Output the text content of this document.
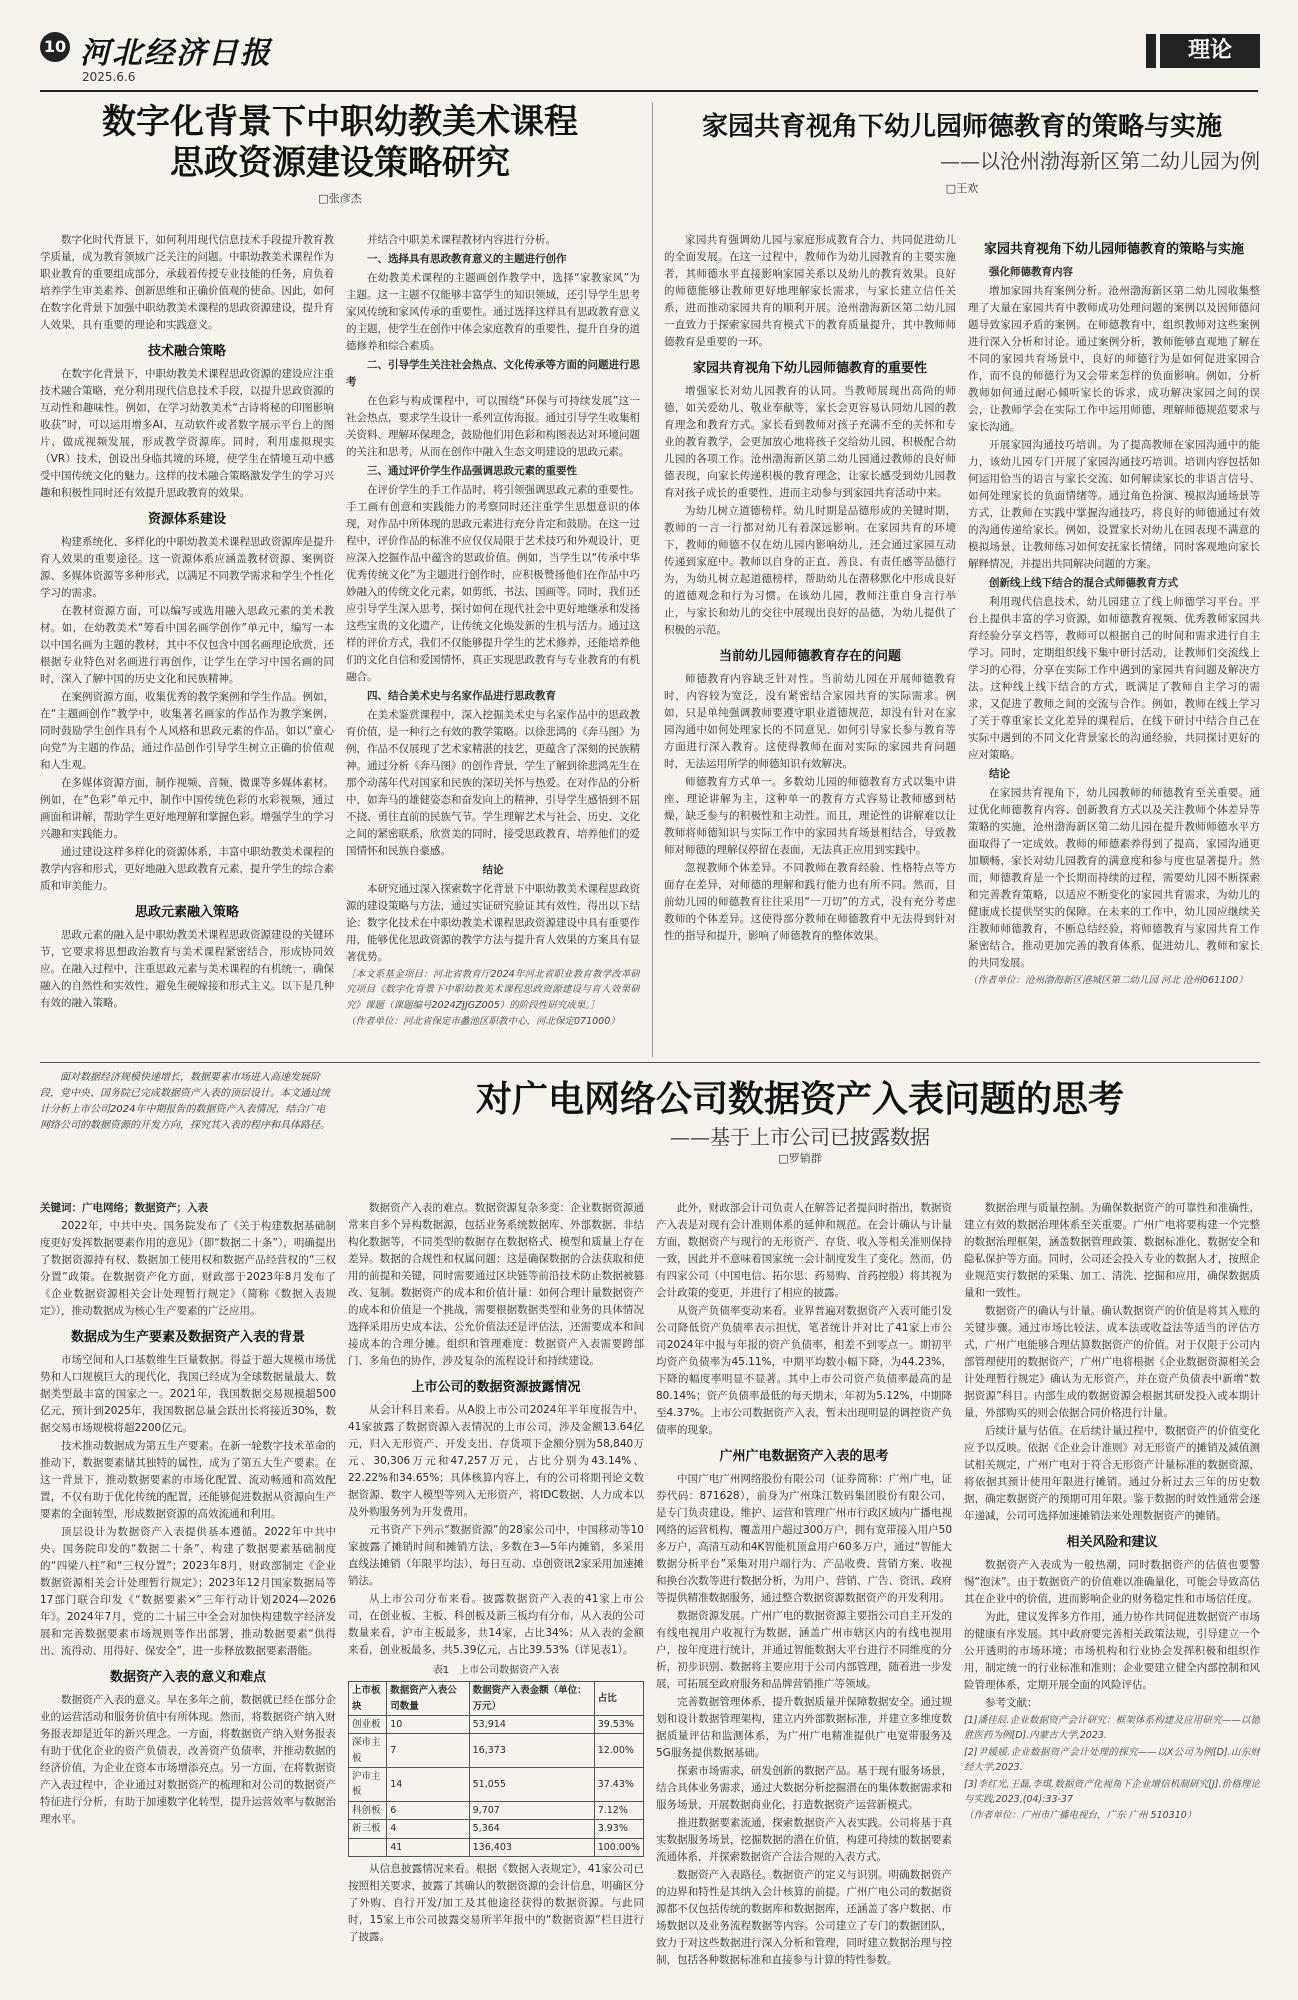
10 河北经济日报
2025.6.6
理论
数字化背景下中职幼教美术课程
思政资源建设策略研究
□张彦杰

数字化时代背景下，如何利用现代信息技术手段提升教育教学质量，成为教育领域广泛关注的问题。中职幼教美术课程作为职业教育的重要组成部分，承载着传授专业技能的任务，肩负着培养学生审美素养、创新思维和正确价值观的使命。因此，如何在数字化背景下加强中职幼教美术课程的思政资源建设，提升育人效果，具有重要的理论和实践意义。

技术融合策略

在数字化背景下，中职幼教美术课程思政资源的建设应注重技术融合策略，充分利用现代信息技术手段，以提升思政资源的互动性和趣味性。例如，在学习幼教美术“古诗将秘的印图影响收获”时，可以运用增多AI、互动软件或者数字展示平台上的图片，做成视频发展，形成教学资源库。同时，利用虚拟现实（VR）技术，创设出身临其境的环境，使学生在情境互动中感受中国传统文化的魅力。这样的技术融合策略激发学生的学习兴趣和积极性同时还有效提升思政教育的效果。

资源体系建设

构建系统化、多样化的中职幼教美术课程思政资源库是提升育人效果的重要途径。这一资源体系应涵盖教材资源、案例资源、多媒体资源等多种形式，以满足不同教学需求和学生个性化学习的需求。

在教材资源方面，可以编写或选用融入思政元素的美术教材。如，在幼教美术“筹看中国名画学创作”单元中，编写一本以中国名画为主题的教材，其中不仅包含中国名画理论欣赏，还根据专业特色对名画进行再创作，让学生在学习中国名画的同时，深入了解中国的历史文化和民族精神。

在案例资源方面，收集优秀的教学案例和学生作品。例如，在“主题画创作”教学中，收集著名画家的作品作为教学案例，同时鼓励学生创作具有个人风格和思政元素的作品，如以“童心向党”为主题的作品，通过作品创作引导学生树立正确的价值观和人生观。

在多媒体资源方面，制作视频、音频、微课等多媒体素材。例如，在“色彩”单元中，制作中国传统色彩的水彩视频，通过画面和讲解，帮助学生更好地理解和掌握色彩。增强学生的学习兴趣和实践能力。

通过建设这样多样化的资源体系，丰富中职幼教美术课程的教学内容和形式，更好地融入思政教育元素，提升学生的综合素质和审美能力。

思政元素融入策略

思政元素的融入是中职幼教美术课程思政资源建设的关键环节，它要求将思想政治教育与美术课程紧密结合，形成协同效应。在融入过程中，注重思政元素与美术课程的有机统一，确保融入的自然性和实效性，避免生硬嫁接和形式主义。以下是几种有效的融入策略。

并结合中职美术课程教材内容进行分析。

一、选择具有思政教育意义的主题进行创作

在幼教美术课程的主题画创作教学中，选择“家教家风”为主题。这一主题不仅能够丰富学生的知识领域，还引导学生思考家风传统和家风传承的重要性。通过选择这样具有思政教育意义的主题，使学生在创作中体会家庭教育的重要性，提升自身的道德修养和综合素质。

二、引导学生关注社会热点、文化传承等方面的问题进行思考

在色彩与构成课程中，可以围绕“环保与可持续发展”这一社会热点，要求学生设计一系列宣传海报。通过引导学生收集相关资料、理解环保理念，鼓励他们用色彩和构图表达对环境问题的关注和思考，从而在创作中融入生态文明建设的思政元素。

三、通过评价学生作品强调思政元素的重要性

在评价学生的手工作品时，将引领强调思政元素的重要性。手工画有创意和实践能力的考察同时还注重学生思想意识的体现，对作品中所体现的思政元素进行充分肯定和鼓励。在这一过程中，评价作品的标准不应仅仅局限于艺术技巧和外观设计，更应深入挖掘作品中蕴含的思政价值。例如，当学生以“传承中华优秀传统文化”为主题进行创作时，应积极赞扬他们在作品中巧妙融入的传统文化元素，如剪纸、书法、国画等。同时，我们还应引导学生深入思考，探讨如何在现代社会中更好地继承和发扬这些宝贵的文化遗产，让传统文化焕发新的生机与活力。通过这样的评价方式，我们不仅能够提升学生的艺术修养，还能培养他们的文化自信和爱国情怀，真正实现思政教育与专业教育的有机融合。

四、结合美术史与名家作品进行思政教育

在美术鉴赏课程中，深入挖掘美术史与名家作品中的思政教育价值，是一种行之有效的教学策略。以徐悲鸿的《奔马图》为例，作品不仅展现了艺术家精湛的技艺，更蕴含了深刻的民族精神。通过分析《奔马图》的创作背景，学生了解到徐悲鸿先生在那个动荡年代对国家和民族的深切关怀与热爱。在对作品的分析中，如奔马的雄健姿态和奋发向上的精神，引导学生感悟到不屈不挠、勇往直前的民族气节。学生理解艺术与社会、历史、文化之间的紧密联系，欣赏美的同时，接受思政教育，培养他们的爱国情怀和民族自豪感。

结论

本研究通过深入探索数字化背景下中职幼教美术课程思政资源的建设策略与方法，通过实证研究验证其有效性，得出以下结论：数字化技术在中职幼教美术课程思政资源建设中具有重要作用，能够优化思政资源的教学方法与提升育人效果的方案具有显著优势。

［本文系基金项目：河北省教育厅2024年河北省职业教育教学改革研究项目《数字化背景下中职幼教美术课程思政资源建设与育人效果研究》课题（课题编号2024ZJJGZ005）的阶段性研究成果。］

（作者单位：河北省保定市蠡池区职教中心，河北保定071000）

家园共育视角下幼儿园师德教育的策略与实施
——以沧州渤海新区第二幼儿园为例
□王欢

家园共育强调幼儿园与家庭形成教育合力，共同促进幼儿的全面发展。在这一过程中，教师作为幼儿园教育的主要实施者，其师德水平直接影响家园关系以及幼儿的教育效果。良好的师德能够让教师更好地理解家长需求，与家长建立信任关系，进而推动家园共育的顺利开展。沧州渤海新区第二幼儿园一直致力于探索家园共育模式下的教育质量提升，其中教师师德教育是重要的一环。

家园共育视角下幼儿园师德教育的重要性

增强家长对幼儿园教育的认同。当教师展现出高尚的师德，如关爱幼儿、敬业奉献等，家长会更容易认同幼儿园的教育理念和教育方式。家长看到教师对孩子充满不至的关怀和专业的教育教学，会更加放心地将孩子交给幼儿园，积极配合幼儿园的各项工作。沧州渤海新区第二幼儿园通过教师的良好师德表现，向家长传递积极的教育理念，让家长感受到幼儿园教育对孩子成长的重要性，进而主动参与到家园共育活动中来。

为幼儿树立道德榜样。幼儿时期是品德形成的关键时期，教师的一言一行都对幼儿有着深远影响。在家园共育的环境下，教师的师德不仅在幼儿园内影响幼儿，还会通过家园互动传递到家庭中。教师以自身的正直、善良、有责任感等品德行为，为幼儿树立起道德榜样，帮助幼儿在潜移默化中形成良好的道德观念和行为习惯。在该幼儿园，教师注重自身言行举止，与家长和幼儿的交往中展现出良好的品德，为幼儿提供了积极的示范。

当前幼儿园师德教育存在的问题

师德教育内容缺乏针对性。当前幼儿园在开展师德教育时，内容较为宽泛，没有紧密结合家园共育的实际需求。例如，只是单纯强调教师要遵守职业道德规范，却没有针对在家园沟通中如何处理家长的不同意见、如何引导家长参与教育等方面进行深入教育。这使得教师在面对实际的家园共育问题时，无法运用所学的师德知识有效解决。

师德教育方式单一。多数幼儿园的师德教育方式以集中讲座、理论讲解为主，这种单一的教育方式容易让教师感到枯燥，缺乏参与的积极性和主动性。而且，理论性的讲解难以让教师将师德知识与实际工作中的家园共育场景相结合，导致教师对师德的理解仅停留在表面，无法真正应用到实践中。

忽视教师个体差异。不同教师在教育经验、性格特点等方面存在差异，对师德的理解和践行能力也有所不同。然而，目前幼儿园的师德教育往往采用“一刀切”的方式，没有充分考虑教师的个体差异。这使得部分教师在师德教育中无法得到针对性的指导和提升，影响了师德教育的整体效果。

家园共育视角下幼儿园师德教育的策略与实施
强化师德教育内容

增加家园共育案例分析。沧州渤海新区第二幼儿园收集整理了大量在家园共育中教师成功处理问题的案例以及因师德问题导致家园矛盾的案例。在师德教育中，组织教师对这些案例进行深入分析和讨论。通过案例分析，教师能够直观地了解在不同的家园共育场景中，良好的师德行为是如何促进家园合作，而不良的师德行为又会带来怎样的负面影响。例如，分析教师如何通过耐心倾听家长的诉求，成功解决家园之间的误会，让教师学会在实际工作中运用师德，理解师德规范要求与家长沟通。

开展家园沟通技巧培训。为了提高教师在家园沟通中的能力，该幼儿园专门开展了家园沟通技巧培训。培训内容包括如何运用恰当的语言与家长交流、如何解读家长的非语言信号、如何处理家长的负面情绪等。通过角色扮演、模拟沟通场景等方式，让教师在实践中掌握沟通技巧，将良好的师德通过有效的沟通传递给家长。例如，设置家长对幼儿在园表现不满意的模拟场景，让教师练习如何安抚家长情绪，同时客观地向家长解释情况，并提出共同解决问题的方案。

创新线上线下结合的混合式师德教育方式

利用现代信息技术，幼儿园建立了线上师德学习平台。平台上提供丰富的学习资源，如师德教育视频、优秀教师家园共育经验分享文档等，教师可以根据自己的时间和需求进行自主学习。同时，定期组织线下集中研讨活动，让教师们交流线上学习的心得，分享在实际工作中遇到的家园共育问题及解决方法。这种线上线下结合的方式，既满足了教师自主学习的需求，又促进了教师之间的交流与合作。例如，教师在线上学习了关于尊重家长文化差异的课程后，在线下研讨中结合自己在实际中遇到的不同文化背景家长的沟通经验，共同探讨更好的应对策略。

结论

在家园共育视角下，幼儿园教师的师德教育至关重要。通过优化师德教育内容、创新教育方式以及关注教师个体差异等策略的实施，沧州渤海新区第二幼儿园在提升教师师德水平方面取得了一定成效。教师的师德素养得到了提高，家园沟通更加顺畅，家长对幼儿园教育的满意度和参与度也显著提升。然而，师德教育是一个长期而持续的过程，需要幼儿园不断探索和完善教育策略，以适应不断变化的家园共育需求，为幼儿的健康成长提供坚实的保障。在未来的工作中，幼儿园应继续关注教师师德教育，不断总结经验，将师德教育与家园共育工作紧密结合，推动更加完善的教育体系，促进幼儿、教师和家长的共同发展。

（作者单位：沧州渤海新区港城区第二幼儿园 河北 沧州061100）

面对数据经济规模快速增长，数据要素市场进入高速发展阶段，党中央、国务院已完成数据资产入表的顶层设计。本文通过统计分析上市公司2024年中期报告的数据资产入表情况，结合广电网络公司的数据资源的开发方向，探究其入表的程序和具体路径。

对广电网络公司数据资产入表问题的思考
——基于上市公司已披露数据
□罗销群

关键词：广电网络；数据资产；入表

2022年，中共中央、国务院发布了《关于构建数据基础制度更好发挥数据要素作用的意见》（即“数据二十条”），明确提出了数据资源持有权、数据加工使用权和数据产品经营权的“三权分置”政策。在数据资产化方面，财政部于2023年8月发布了《企业数据资源相关会计处理暂行规定》（简称《数据入表规定》），推动数据成为核心生产要素的广泛应用。

数据成为生产要素及数据资产入表的背景

市场空间和人口基数维生巨量数据。得益于超大规模市场优势和人口规模巨大的现代化，我国已经成为全球数据量最大、数据类型最丰富的国家之一。2021年，我国数据交易规模超500亿元，预计到2025年，我国数据总量会跃出长将接近30%，数据交易市场规模将超2200亿元。

技术推动数据成为第五生产要素。在新一轮数字技术革命的推动下，数据要素储其独特的属性，成为了第五大生产要素。在这一背景下，推动数据要素的市场化配置、流动畅通和高效配置，不仅有助于优化传统的配置，还能够促进数据从资源向生产要素的全面转型，形成数据资源的高效流通和利用。

顶层设计为数据资产入表提供基本遵循。2022年中共中央、国务院印发的“数据二十条”，构建了数据要素基础制度的“四梁八柱”和“三权分置”；2023年8月，财政部制定《企业数据资源相关会计处理暂行规定》；2023年12月国家数据局等17部门联合印发《“数据要素×”三年行动计划2024—2026年》。2024年7月，党的二十届三中全会对加快构建数字经济发展和完善数据要素市场规则等作出部署，推动数据要素“供得出、流得动、用得好、保安全”，进一步释放数据要素潜能。

数据资产入表的意义和难点

数据资产入表的意义。早在多年之前，数据就已经在部分企业的运营活动和服务价值中有所体现。然而，将数据资产纳入财务报表却是近年的新兴理念。一方面，将数据资产纳入财务报表有助于优化企业的资产负债表，改善资产负债率，并推动数据的经济价值，为企业在资本市场增添亮点。另一方面，在将数据资产入表过程中，企业通过对数据资产的梳理和对公司的数据资产特征进行分析，有助于加速数字化转型，提升运营效率与数据治理水平。

数据资产入表的难点。数据资源复杂多变：企业数据资源通常来自多个异构数据源，包括业务系统数据库、外部数据、非结构化数据等，不同类型的数据存在数据格式、模型和质量上存在差异。数据的合规性和权属问题：这是确保数据的合法获取和使用的前提和关键，同时需要通过区块链等前沿技术防止数据被篡改、复制。数据资产的成本和价值计量：如何合理计量数据资产的成本和价值是一个挑战，需要根据数据类型和业务的具体情况选择采用历史成本法、公允价值法还是评估法，还需要成本和间接成本的合理分摊。组织和管理难度：数据资产入表需要跨部门、多角色的协作，涉及复杂的流程设计和持续建设。

上市公司的数据资源披露情况

从会计科目来看。从A股上市公司2024年半年度报告中，41家披露了数据资源入表情况的上市公司，涉及金额13.64亿元，归入无形资产、开发支出、存货项下金额分别为58,840万元、30,306万元和47,257万元，占比分别为43.14%、22.22%和34.65%；具体核算内容上，有的公司将期刊论文数据资源、数字人模型等列入无形资产，将IDC数据、人力成本以及外购服务列为开发费用。

元书资产下列示“数据资源”的28家公司中，中国移动等10家披露了摊销时间和摊销方法，多数在3—5年内摊销，多采用直线法摊销（年限平均法），每日互动、卓创资讯2家采用加速摊销法。

从上市公司分布来看。披露数据资产入表的41家上市公司，在创业板、主板、科创板及新三板均有分布，从入表的公司数量来看，沪市主板最多，共14家，占比34%；从入表的金额来看，创业板最多，共5.39亿元，占比39.53%（详见表1）。

表1　上市公司数据资产入表
上市板块	数据资产入表公司数量	数据资产入表金额（单位：万元）	占比
创业板	10	53,914	39.53%
深市主板	7	16,373	12.00%
沪市主板	14	51,055	37.43%
科创板	6	9,707	7.12%
新三板	4	5,364	3.93%
	41	136,403	100.00%

从信息披露情况来看。根据《数据入表规定》，41家公司已按照相关要求，披露了其确认的数据资源的会计信息，明确区分了外购、自行开发/加工及其他途径获得的数据资源。与此同时，15家上市公司披露交易所半年报中的“数据资源”栏目进行了披露。

此外，财政部会计司负责人在解答记者提问时指出，数据资产入表是对现有会计准则体系的延伸和规范。在会计确认与计量方面，数据资产与现行的无形资产、存货、收入等相关准则保持一致，因此并不意味着国家统一会计制度发生了变化。然而，仍有四家公司（中国电信、拓尔思、药易购、首药控股）将其视为会计政策的变更，并进行了相应的披露。

从资产负债率变动来看。业界普遍对数据资产入表可能引发公司降低资产负债率表示担忧，笔者统计并对比了41家上市公司2024年中报与年报的资产负债率，相差不到零点一。期初平均资产负债率为45.11%，中期平均数小幅下降，为44.23%，下降的幅度率明显不显著。其中上市公司资产负债率最高的是80.14%；资产负债率最低的每天期末，年初为5.12%，中期降至4.37%。上市公司数据资产入表，暂未出现明显的调控资产负债率的现象。

广州广电数据资产入表的思考

中国广电广州网络股份有限公司（证券简称：广州广电，证券代码：871628），前身为广州珠江数码集团股份有限公司，是专门负责建设、维护、运营和管理广州市行政区域内广播电视网络的运营机构，覆盖用户超过300万户，拥有宽带接入用户50多万户，高清互动和4K智能机顶盒用户60多万户，通过“智能大数据分析平台”采集对用户端行为、产品收费、营销方案、收视和换台次数等进行数据分析，为用户、营销、广告、资讯、政府等提供精准数据服务，通过整合数据资源数据资产的开发利用。

数据资源发展。广州广电的数据资源主要指公司自主开发的有线电视用户收视行为数据，涵盖广州市辖区内的有线电视用户，按年度进行统计，并通过智能数据大平台进行不同维度的分析，初步识别、数据将主要应用于公司内部管理，随着进一步发展，可拓展至政府服务和品牌营销推广等领域。

完善数据管理体系，提升数据质量并保障数据安全。通过规划和设计数据管理架构，建立内外部数据标准，并建立多维度数据质量评估和监测体系，为广州广电精准提供广电宽带服务及5G服务提供数据基础。

探索市场需求，研发创新的数据产品。基于现有服务场景，结合具体业务需求，通过大数据分析挖掘潜在的集体数据需求和服务场景，开展数据商业化，打造数据资产运营新模式。

推进数据要素流通，探索数据资产入表实践。公司将基于真实数据服务场景，挖掘数据的潜在价值，构建可持续的数据要素流通体系，并探索数据资产合法合规的入表方式。

数据资产入表路径。数据资产的定义与识别。明确数据资产的边界和特性是其纳入会计核算的前提。广州广电公司的数据资源都不仅包括传统的数据库和数据据库，还涵盖了客户数据、市场数据以及业务流程数据等内容。公司建立了专门的数据团队，致力于对这些数据进行深入分析和管理，同时建立数据治理与控制，包括各种数据标准和直接参与计算的特性参数。

数据治理与质量控制。为确保数据资产的可靠性和准确性，建立有效的数据治理体系至关重要。广州广电将要构建一个完整的数据治理框架，涵盖数据管理政策、数据标准化、数据安全和隐私保护等方面。同时，公司还会投入专业的数据人才，按照企业规范实行数据的采集、加工、清洗、挖掘和应用，确保数据质量和一致性。

数据资产的确认与计量。确认数据资产的价值是将其入账的关键步骤。通过市场比较法、成本法或收益法等适当的评估方式，广州广电能够合理估算数据资产的价值。对于仅限于公司内部管理使用的数据资产，广州广电将根据《企业数据资源相关会计处理暂行规定》确认为无形资产，并在资产负债表中新增“数据资源”科目。内部生成的数据资源会根据其研发投入或本期计量，外部购买的则会依据合同价格进行计量。

后续计量与估值。在后续计量过程中，数据资产的价值变化应予以反映。依据《企业会计准则》对无形资产的摊销及减值测试相关规定，广州广电对于符合无形资产计量标准的数据资源，将依据其预计使用年限进行摊销。通过分析过去三年的历史数据，确定数据资产的预期可用年限。鉴于数据的时效性通常会逐年递减，公司可选择加速摊销法来处理数据资产的摊销。

相关风险和建议

数据资产入表成为一般热潮，同时数据资产的估值也要警惕“泡沫”。由于数据资产的价值难以准确量化，可能会导致高估其在企业中的价值，进而影响企业的财务稳定性和市场信任度。

为此，建议发挥多方作用，通力协作共同促进数据资产市场的健康有序发展。其中政府要完善相关政策法规，引导建立一个公开透明的市场环境；市场机构和行业协会发挥积极和组织作用，制定统一的行业标准和准则；企业要建立健全内部控制和风险管理体系，定期开展全面的风险评估。

参考文献：

[1]潘佳辰.企业数据资产会计研究：框架体系构建及应用研究——以德胜医药为例[D].内蒙古大学,2023.

[2]尹媛媛.企业数据资产会计处理的探究——以X公司为例[D].山东财经大学,2023.

[3]李红光,王磊,李琪.数据资产化视角下企业增信机制研究[J].价格理论与实践,2023,(04):33-37

（作者单位：广州市广播电视台，广东 广州 510310）
